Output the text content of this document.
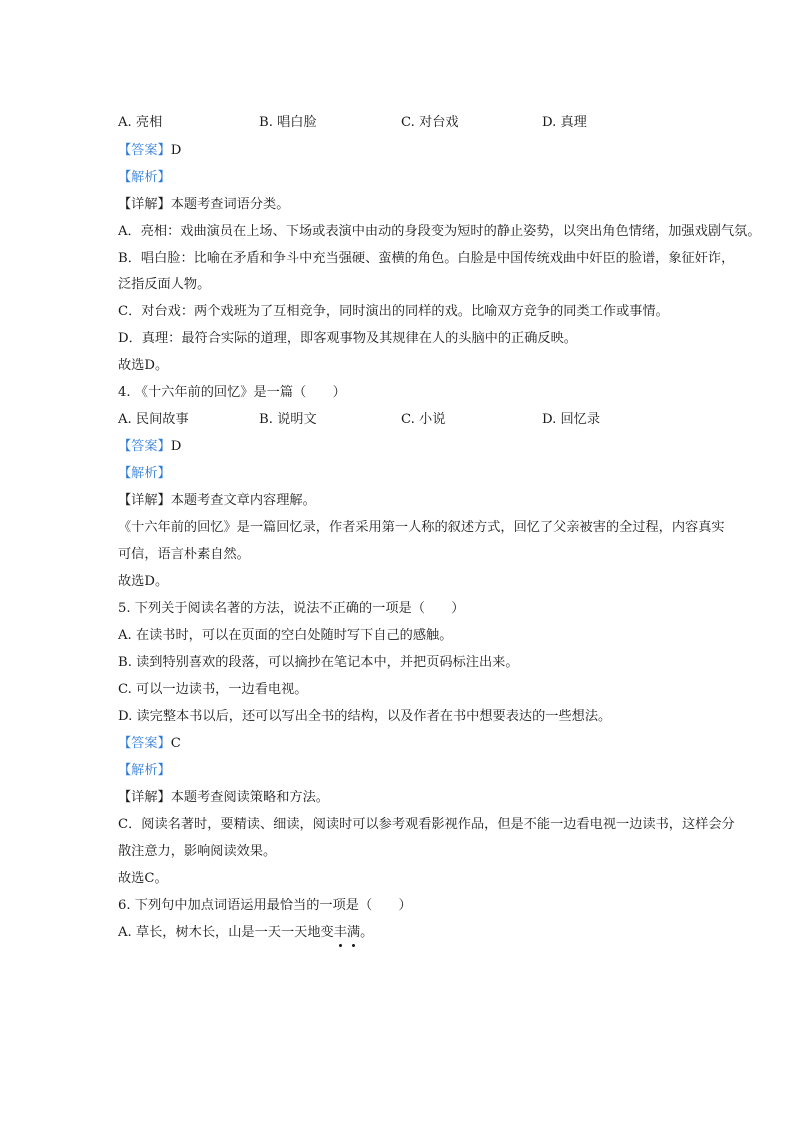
A. 亮相	B. 唱白脸	C. 对台戏	D. 真理
【答案】D
【解析】
【详解】本题考查词语分类。
A．亮相：戏曲演员在上场、下场或表演中由动的身段变为短时的静止姿势，以突出角色情绪，加强戏剧气氛。
B．唱白脸：比喻在矛盾和争斗中充当强硬、蛮横的角色。白脸是中国传统戏曲中奸臣的脸谱，象征奸诈，
泛指反面人物。
C．对台戏：两个戏班为了互相竞争，同时演出的同样的戏。比喻双方竞争的同类工作或事情。
D．真理：最符合实际的道理，即客观事物及其规律在人的头脑中的正确反映。
故选D。
4. 《十六年前的回忆》是一篇（　　）
A. 民间故事	B. 说明文	C. 小说	D. 回忆录
【答案】D
【解析】
【详解】本题考查文章内容理解。
《十六年前的回忆》是一篇回忆录，作者采用第一人称的叙述方式，回忆了父亲被害的全过程，内容真实
可信，语言朴素自然。
故选D。
5. 下列关于阅读名著的方法，说法不正确的一项是（　　）
A. 在读书时，可以在页面的空白处随时写下自己的感触。
B. 读到特别喜欢的段落，可以摘抄在笔记本中，并把页码标注出来。
C. 可以一边读书，一边看电视。
D. 读完整本书以后，还可以写出全书的结构，以及作者在书中想要表达的一些想法。
【答案】C
【解析】
【详解】本题考查阅读策略和方法。
C．阅读名著时，要精读、细读，阅读时可以参考观看影视作品，但是不能一边看电视一边读书，这样会分
散注意力，影响阅读效果。
故选C。
6. 下列句中加点词语运用最恰当的一项是（　　）
A. 草长，树木长，山是一天一天地变丰满。
